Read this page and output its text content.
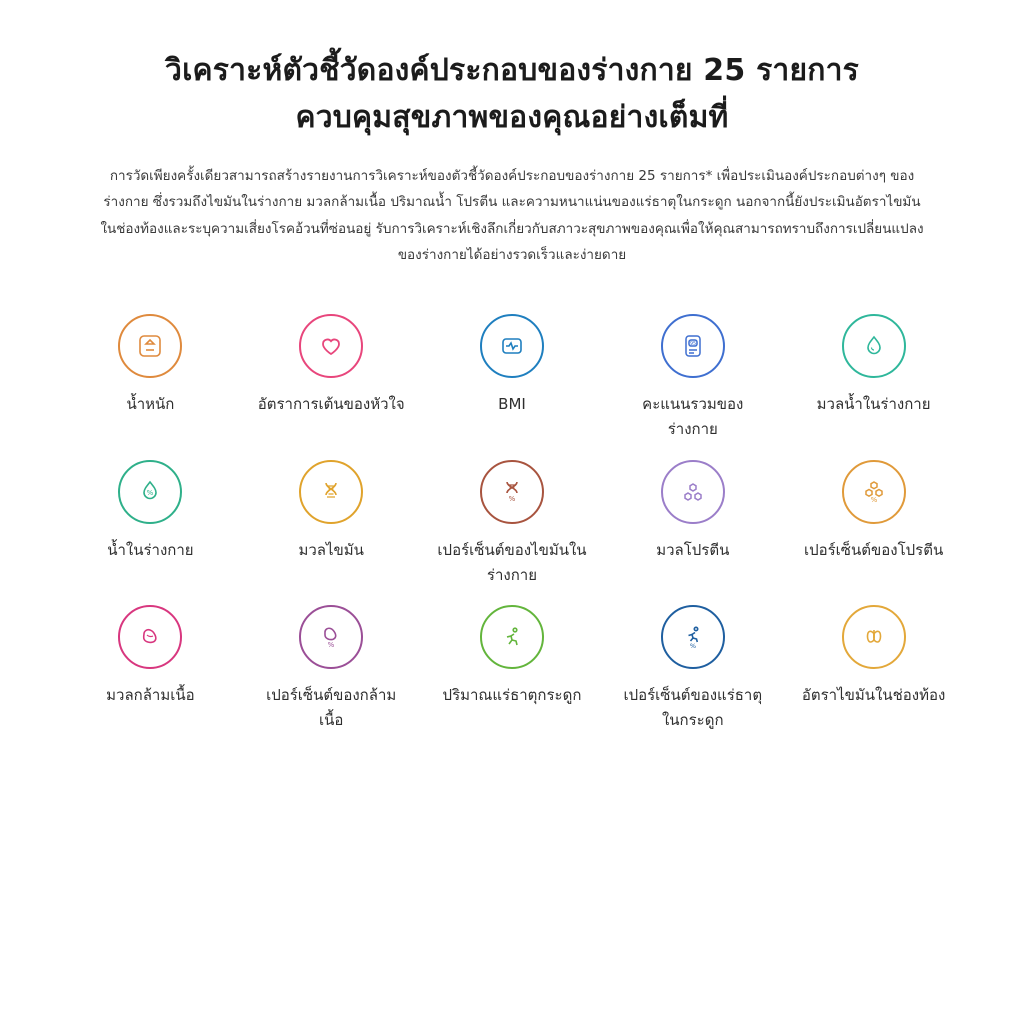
วิเคราะห์ตัวชี้วัดองค์ประกอบของร่างกาย 25 รายการ
ควบคุมสุขภาพของคุณอย่างเต็มที่
การวัดเพียงครั้งเดียวสามารถสร้างรายงานการวิเคราะห์ของตัวชี้วัดองค์ประกอบของร่างกาย 25 รายการ* เพื่อประเมินองค์ประกอบต่างๆ ของร่างกาย ซึ่งรวมถึงไขมันในร่างกาย มวลกล้ามเนื้อ ปริมาณน้ำ โปรตีน และความหนาแน่นของแร่ธาตุในกระดูก นอกจากนี้ยังประเมินอัตราไขมันในช่องท้องและระบุความเสี่ยงโรคอ้วนที่ซ่อนอยู่ รับการวิเคราะห์เชิงลึกเกี่ยวกับสภาวะสุขภาพของคุณเพื่อให้คุณสามารถทราบถึงการเปลี่ยนแปลงของร่างกายได้อย่างรวดเร็วและง่ายดาย
น้ำหนัก	อัตราการเต้นของหัวใจ	BMI
95
คะแนนรวมของร่างกาย
มวลน้ำในร่างกาย
%
น้ำในร่างกาย	มวลไขมัน
%
เปอร์เซ็นต์ของไขมันในร่างกาย
มวลโปรตีน
%
เปอร์เซ็นต์ของโปรตีน
มวลกล้ามเนื้อ
%
เปอร์เซ็นต์ของกล้ามเนื้อ
ปริมาณแร่ธาตุกระดูก
%
เปอร์เซ็นต์ของแร่ธาตุในกระดูก
อัตราไขมันในช่องท้อง
